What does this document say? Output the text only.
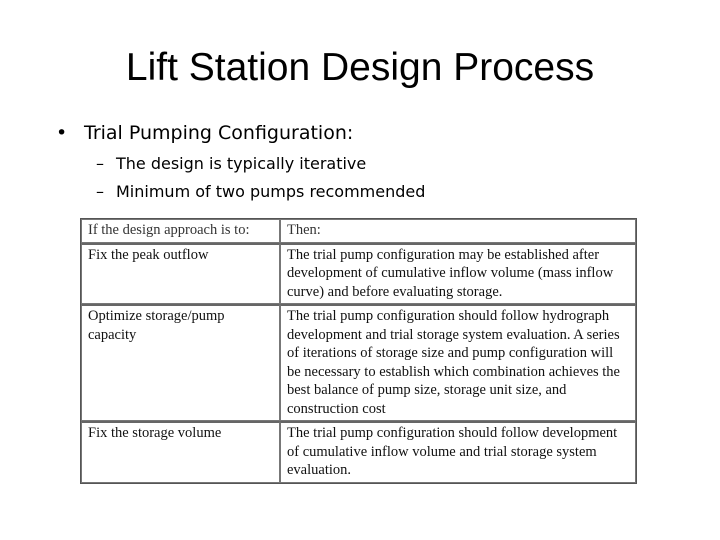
Lift Station Design Process
• Trial Pumping Configuration:
– The design is typically iterative
– Minimum of two pumps recommended
If the design approach is to:	Then:
Fix the peak outflow	The trial pump configuration may be established after development of cumulative inflow volume (mass inflow curve) and before evaluating storage.
Optimize storage/pump capacity	The trial pump configuration should follow hydrograph development and trial storage system evaluation. A series of iterations of storage size and pump configuration will be necessary to establish which combination achieves the best balance of pump size, storage unit size, and construction cost
Fix the storage volume	The trial pump configuration should follow development of cumulative inflow volume and trial storage system evaluation.
